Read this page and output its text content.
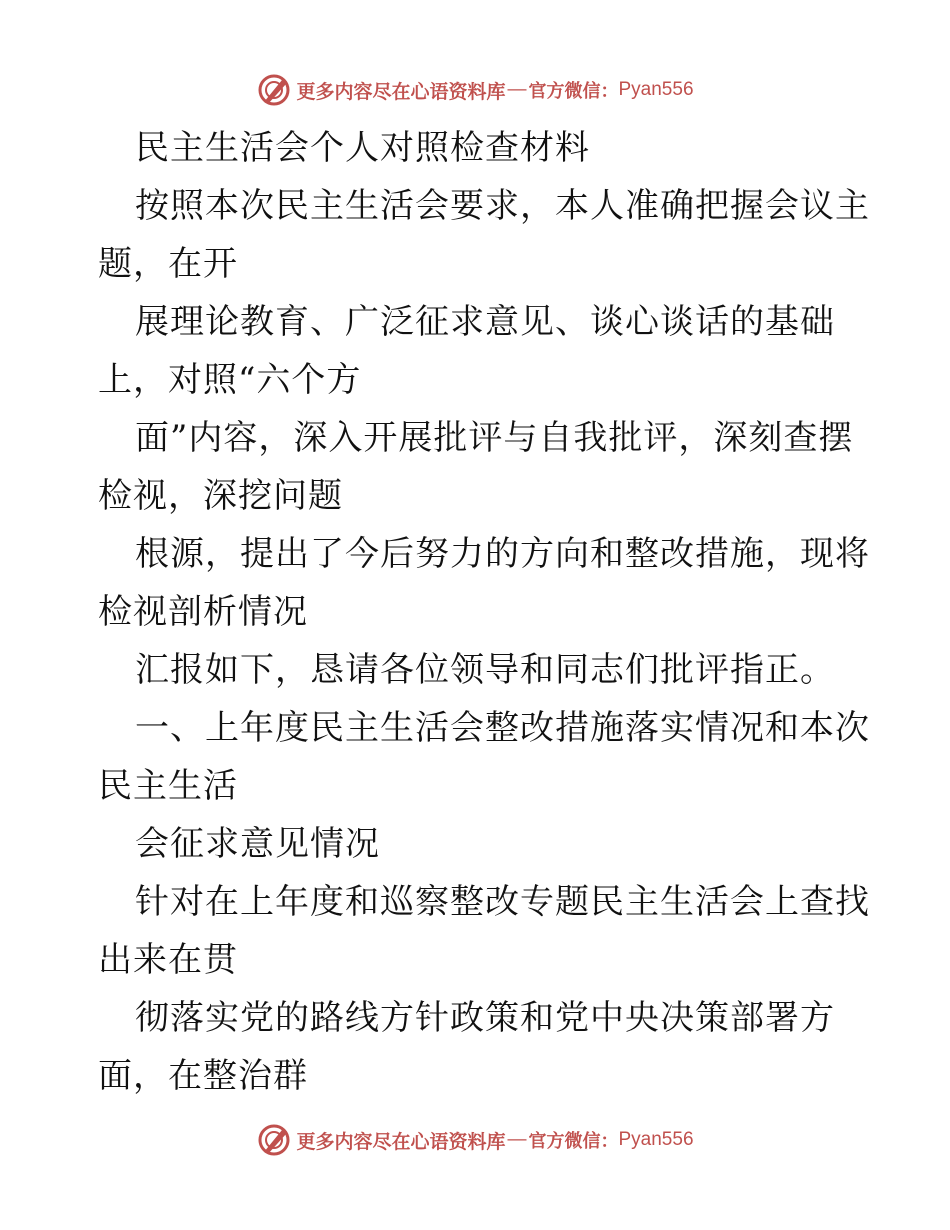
更多内容尽在心语资料库 — 官方微信： Pyan556
民主生活会个人对照检查材料
按照本次民主生活会要求，本人准确把握会议主
题，在开
展理论教育、广泛征求意见、谈心谈话的基础
上，对照“六个方
面”内容，深入开展批评与自我批评，深刻查摆
检视，深挖问题
根源，提出了今后努力的方向和整改措施，现将
检视剖析情况
汇报如下，恳请各位领导和同志们批评指正。
一、上年度民主生活会整改措施落实情况和本次
民主生活
会征求意见情况
针对在上年度和巡察整改专题民主生活会上查找
出来在贯
彻落实党的路线方针政策和党中央决策部署方
面，在整治群
更多内容尽在心语资料库 — 官方微信： Pyan556
